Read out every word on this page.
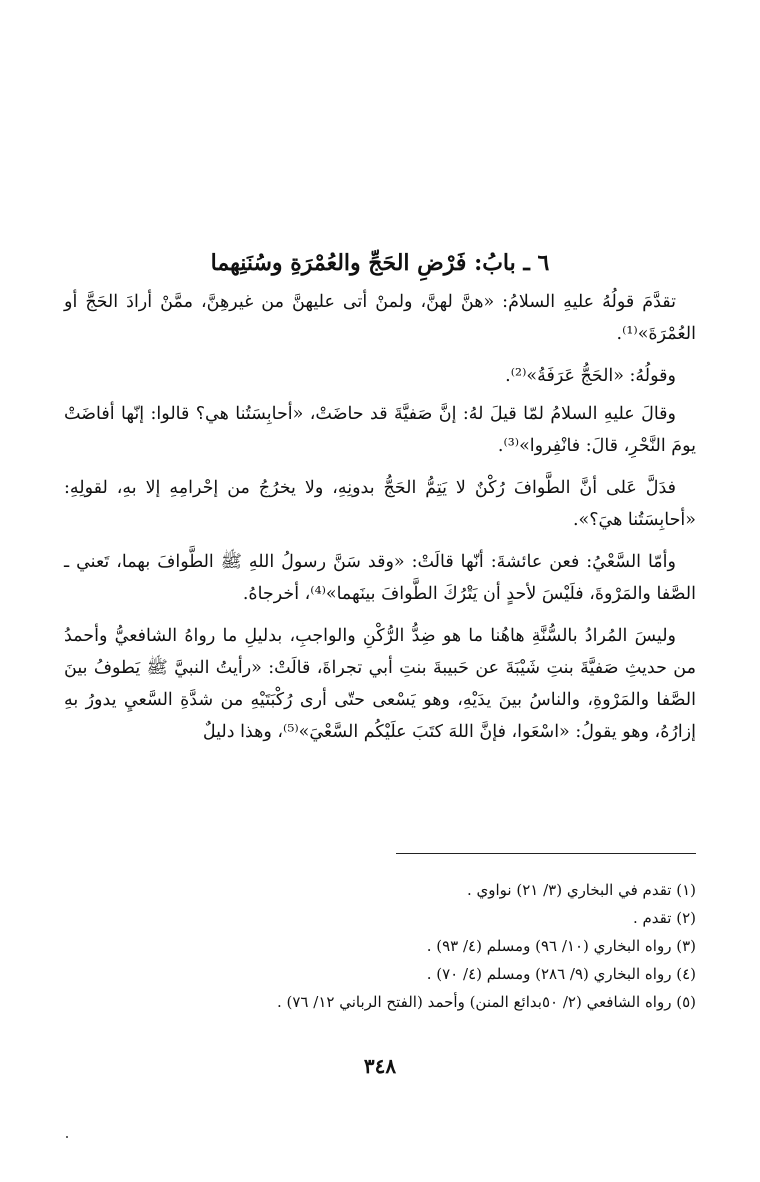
٦ ـ بابُ: فَرْضِ الحَجِّ والعُمْرَةِ وسُنَنِهما

تقدَّمَ قولُهُ عليهِ السلامُ: «هنَّ لهنَّ، ولمنْ أتى عليهنَّ من غيرهِنَّ، ممَّنْ أرادَ الحَجَّ أو العُمْرَةَ»⁽¹⁾.

وقولُهُ: «الحَجُّ عَرَفَةُ»⁽²⁾.

وقالَ عليهِ السلامُ لمّا قيلَ لهُ: إنَّ صَفيَّةَ قد حاضَتْ، «أحابِسَتُنا هي؟ قالوا: إنّها أفاضَتْ يومَ النَّحْرِ، قالَ: فانْفِروا»⁽³⁾.

فدَلَّ عَلى أنَّ الطَّوافَ رُكْنٌ لا يَتِمُّ الحَجُّ بدونِهِ، ولا يخرُجُ من إحْرامِهِ إلا بهِ، لقولِهِ: «أحابِسَتُنا هيَ؟».

وأمّا السَّعْيُ: فعن عائشةَ: أنّها قالَتْ: «وقد سَنَّ رسولُ اللهِ ﷺ الطَّوافَ بهما، تَعني ـ الصَّفا والمَرْوةَ، فلَيْسَ لأحدٍ أن يَتْرُكَ الطَّوافَ بينَهما»⁽⁴⁾، أخرجاهُ.

وليسَ المُرادُ بالسُّنَّةِ هاهُنا ما هو ضِدُّ الرُّكْنِ والواجبِ، بدليلِ ما رواهُ الشافعيُّ وأحمدُ من حديثِ صَفيَّةَ بنتِ شَيْبَةَ عن حَبيبةَ بنتِ أبي تجراةَ، قالَتْ: «رأيتُ النبيَّ ﷺ يَطوفُ بينَ الصَّفا والمَرْوةِ، والناسُ بينَ يدَيْهِ، وهو يَسْعى حتّى أرى رُكْبَتَيْهِ من شدَّةِ السَّعيِ يدورُ بهِ إزارُهُ، وهو يقولُ: «اسْعَوا، فإنَّ اللهَ كتَبَ علَيْكُم السَّعْيَ»⁽⁵⁾، وهذا دليلٌ

(١) تقدم في البخاري (٣/ ٢١) نواوي .
(٢) تقدم .
(٣) رواه البخاري (١٠/ ٩٦) ومسلم (٤/ ٩٣) .
(٤) رواه البخاري (٩/ ٢٨٦) ومسلم (٤/ ٧٠) .
(٥) رواه الشافعي (٢/ ٥٠بدائع المنن) وأحمد (الفتح الرباني ١٢/ ٧٦) .
٣٤٨
